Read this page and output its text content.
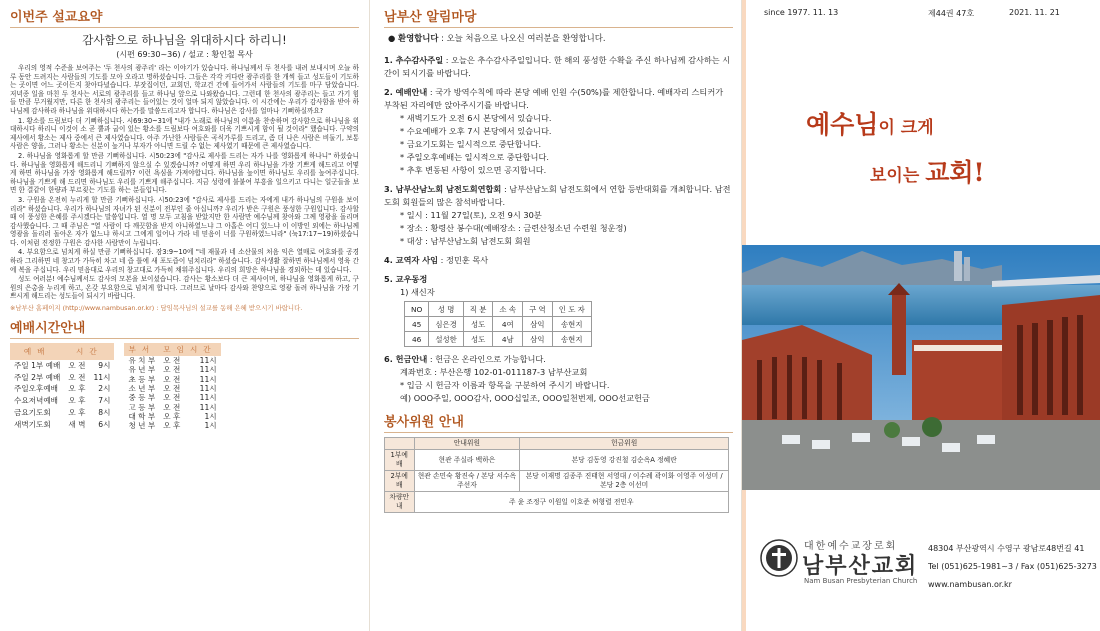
이번주 설교요약
감사함으로 하나님을 위대하시다 하리니!
(시편 69:30~36) / 설교 : 황인철 목사

우리의 영적 수준을 보여주는 '두 천사의 광주리' 라는 이야기가 있습니다. 하나님께서 두 천사를 내려 보내시며 오늘 하루 동안 드려지는 사람들의 기도를 모아 오라고 명하셨습니다. 그들은 각각 커다란 광주리를 한 개씩 들고 성도들이 기도하는 곳이면 어느 곳이든지 찾아다녔습니다. 부잣집이던, 교회던, 학교건 간에 들어가서 사람들의 기도를 마구 담았습니다. 저녁종 일을 마친 두 천사는 서로의 광주리를 들고 하나님 앞으로 나와왔습니다. 그런데 한 천사의 광주리는 들고 가기 힘들 만큼 무거웠지만, 다른 한 천사의 광주리는 들어있는 것이 얼마 되지 않았습니다. 이 시간에는 우리가 감사함을 받아 하나님께 감사하라 하나님을 위대하시다 하는가를 말씀드리고자 합니다. 하나님은 감사를 얼마나 기뻐하실까요?

1. 황소를 드림보다 더 기뻐하십니다. 시69:30~31에 "내가 노래로 하나님의 이름을 찬송하며 감사함으로 하나님을 위대하시다 하리니 이것이 소 곧 뿔과 굽이 있는 황소를 드림보다 여호와를 더욱 기쁘시게 함이 될 것이라" 했습니다. 구약의 제사에서 황소는 제사 중에서 큰 제사였습니다. 아주 가난한 사람들은 곡식가루를 드리고, 좀 더 나은 사람은 비둘기, 보통 사람은 양을, 그러나 황소는 신분이 높거나 부자가 아니면 드릴 수 없는 제사였기 때문에 큰 제사였습니다.

2. 하나님을 영화롭게 할 만큼 기뻐하십니다. 시50:23에 "감사로 제사를 드리는 자가 나를 영화롭게 하나니" 하셨습니다. 하나님을 영화롭게 해드리니 기뻐하지 않으실 수 있겠습니까? 어떻게 하면 우리 하나님을 가장 기쁘게 해드리고 어떻게 하면 하나님을 가장 영화롭게 해드릴까? 이런 욕심을 가져야합니다. 하나님을 높이면 하나님도 우리를 높여주십니다. 하나님을 기쁘게 해 드리면 하나님도 우리를 기쁘게 해주십니다. 지금 성령에 불붙여 부흥을 일으키고 다니는 일군들을 보면 한 결같이 한량과 부르짖는 기도를 하는 분들입니다.

3. 구원을 온전히 누리게 할 만큼 기뻐하십니다. 시50:23에 "감사로 제사를 드리는 자에게 내가 하나님의 구원을 보이리라" 하셨습니다. 우리가 하나님의 자녀가 된 신분이 전부인 줄 아십니까? 우리가 받은 구원은 풍성한 구원입니다. 감사할 때 이 풍성한 은혜를 주시겠다는 말씀입니다. 열 명 모두 고침을 받았지만 한 사람만 예수님께 찾아와 그께 영광을 돌리며 감사했습니다. 그 때 주님은 "열 사람이 다 깨끗함을 받지 아니하였느냐 그 아홉은 어디 있느냐 이 이방인 외에는 하나님께 영광을 돌리러 돌아온 자가 없느냐 하시고 그에게 일어나 가라 네 믿음이 너를 구원하였느니라" (눅17:17~19)하셨습니다. 이처럼 진정한 구원은 감사한 사람만이 누립니다.

4. 부요함으로 넘치게 하실 만큼 기뻐하십니다. 잠3:9~10에 "네 재물과 네 소산물의 처음 익은 열매로 여호와를 공경하라 그리하면 네 창고가 가득히 차고 네 즙 틀에 새 포도즙이 넘치리라" 하셨습니다. 감사생활 잘하면 하나님께서 영육 간에 복을 주십니다. 우리 믿음대로 우리의 창고대로 가득히 채워주십니다. 우리의 희망은 하나님을 경외하는 데 있습니다.

성도 여러분! 예수님께서도 감사의 모본을 보이셨습니다. 감사는 황소보다 더 큰 제사이며, 하나님을 영화롭게 하고, 구원의 은총을 누리게 하고, 온갖 부요함으로 넘치게 합니다. 그러므로 날마다 감사와 찬양으로 영광 돌려 하나님을 가장 기쁘시게 해드리는 성도들이 되시기 바랍니다.

※남부산 홈페이지 (http://www.nambusan.or.kr) : 담임목사님의 설교를 동해 은혜 받으시기 바랍니다.
예배시간안내
예배	시간	
주일 1부 예배	오 전	9시
주일 2부 예배	오 전	11시
주일오후예배	오 후	2시
수요저녁예배	오 후	7시
금요기도회	오 후	8시
새벽기도회	새 벽	6시
부서	모임시간	
유 치 부	오 전	11시
유 년 부	오 전	11시
초 등 부	오 전	11시
소 년 부	오 전	11시
중 등 부	오 전	11시
고 등 부	오 전	11시
대 학 부	오 후	1시
청 년 부	오 후	1시
남부산 알림마당
● 환영합니다 : 오늘 처음으로 나오신 여러분을 환영합니다.
1. 추수감사주일 : 오늘은 추수감사주일입니다. 한 해의 풍성한 수확을 주신 하나님께 감사하는 시간이 되시기를 바랍니다.
2. 예배안내 : 국가 방역수칙에 따라 본당 예배 인원 수(50%)를 제한합니다. 예배자리 스티커가 부착된 자리에만 앉아주시기를 바랍니다.
* 새벽기도가 오전 6시 본당에서 있습니다.
* 수요예배가 오후 7시 본당에서 있습니다.
* 금요기도회는 일시적으로 중단합니다.
* 주일오후예배는 일시적으로 중단합니다.
* 추후 변동된 사항이 있으면 공지합니다.
3. 남부산남노회 남전도회연합회 : 남부산남노회 남전도회에서 연합 등반대회를 개최합니다. 남전도회 회원들의 많은 참석바랍니다.
* 일시 : 11월 27일(토), 오전 9시 30분
* 장소 : 황령산 봉수대(예배장소 : 금련산청소년 수련원 청운정)
* 대상 : 남부산남노회 남전도회 회원
4. 교역자 사임 : 정민훈 목사
5. 교우동정
1) 새신자
NO	성 명	직 분	소 속	구 역	인 도 자
45	심은경	성도	4여	삼익	송현지
46	설성한	성도	4남	삼익	송현지
6. 헌금안내 : 헌금은 온라인으로 가능합니다.
계좌번호 : 부산은행 102-01-011187-3 남부산교회
* 입금 시 헌금자 이름과 항목을 구분하여 주시기 바랍니다.
예) OOO주일, OOO감사, OOO십일조, OOO일천번제, OOO선교헌금
봉사위원 안내
	안내위원	헌금위원
1부예배	현관 주실라 백하은	본당 김동영 강진철 김순옥A 정혜란
2부예배	현관 손민숙 황진숙 / 본당 서수옥 주선자	본당 이재명 김종주 진태현 서영대 / 이수례 곽이화 이영주 이성미 / 본당 2층 이선미
차량안내	주 윤 조정구 이원일 이호준 허형렬 전민우	
since 1977. 11. 13	제44권 47호	2021. 11. 21
예수님이 크게
보이는 교회!
대한예수교장로회
남부산교회
Nam Busan Presbyterian Church
48304 부산광역시 수영구 광남로48번길 41
Tel (051)625-1981~3 / Fax (051)625-3273
www.nambusan.or.kr
